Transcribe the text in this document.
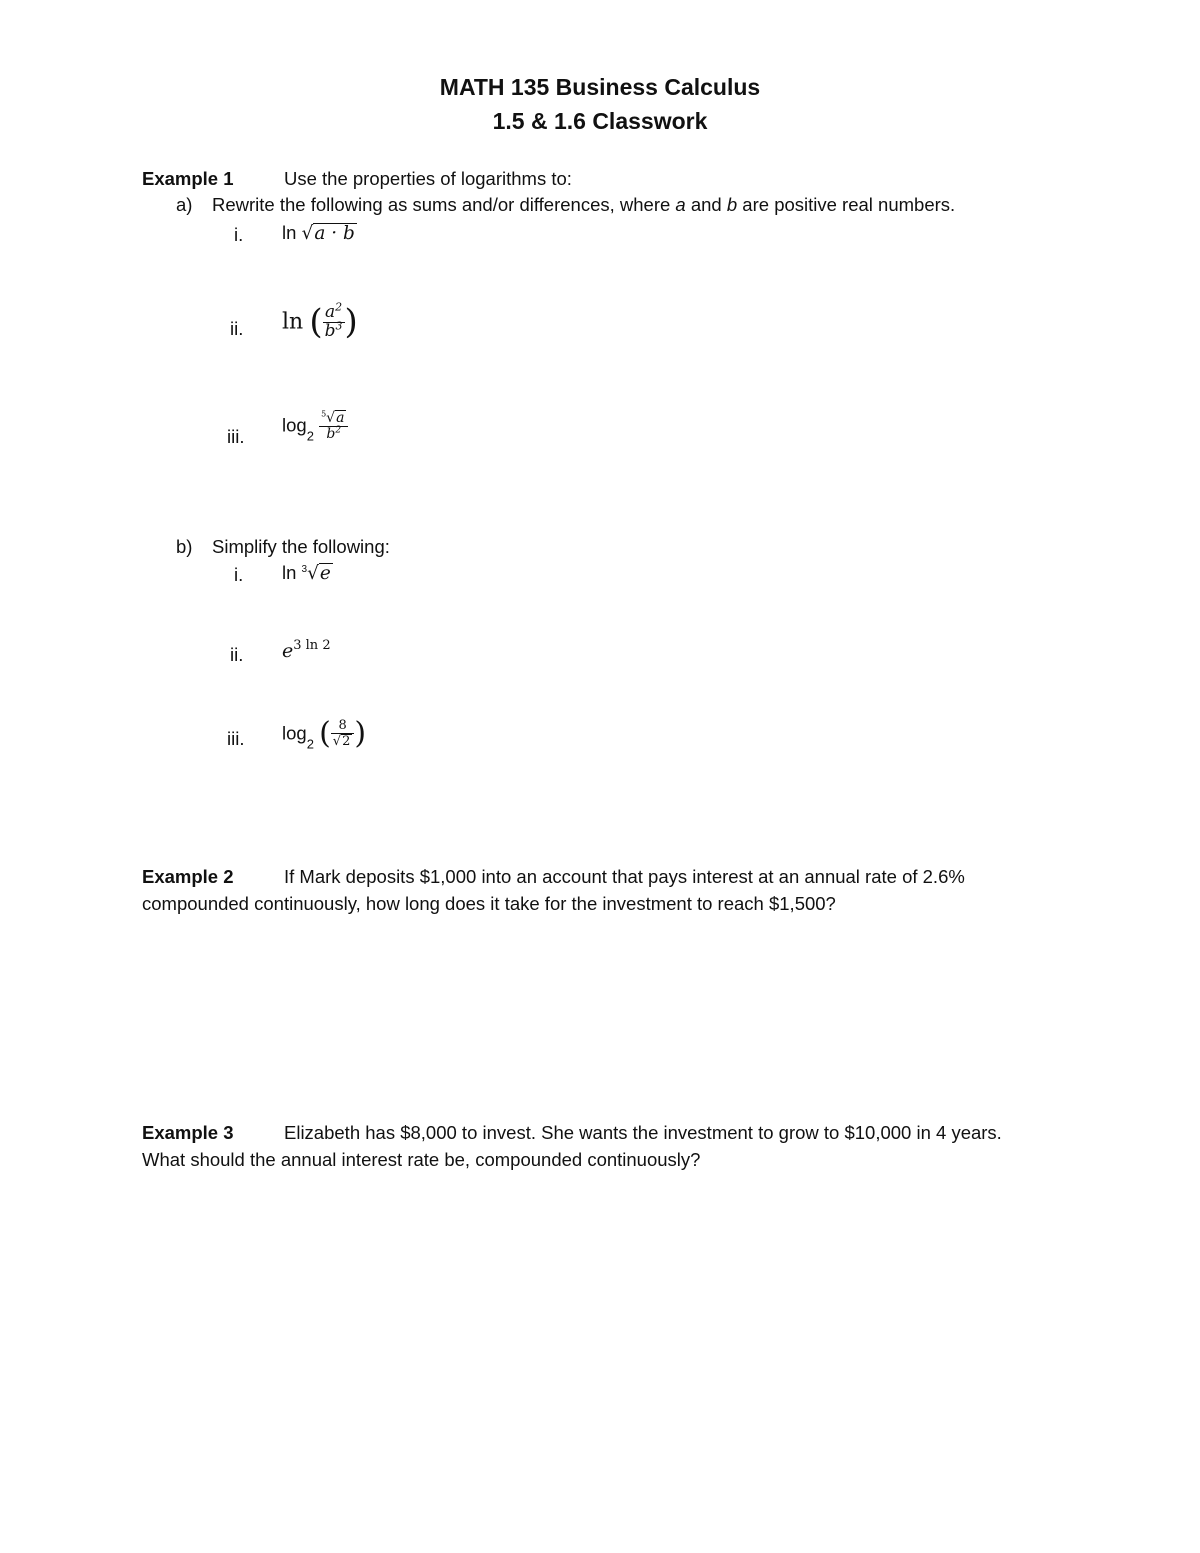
MATH 135 Business Calculus
1.5 & 1.6 Classwork
Example 1	Use the properties of logarithms to:
a) Rewrite the following as sums and/or differences, where a and b are positive real numbers.
i. ln √a · b
ii. ln ( $\frac{a^2}{b^3}$ )
iii.
$\log_2 \frac{^5√a}{b^2}$
b) Simplify the following:
i. ln $^3$√e
ii. $e^{3 ln 2}$
iii. $\log_2$ ( $\frac{8}{√2}$ )
Example 2	If Mark deposits $1,000 into an account that pays interest at an annual rate of 2.6%
compounded continuously, how long does it take for the investment to reach $1,500?
Example 3	Elizabeth has $8,000 to invest. She wants the investment to grow to $10,000 in 4 years.
What should the annual interest rate be, compounded continuously?
